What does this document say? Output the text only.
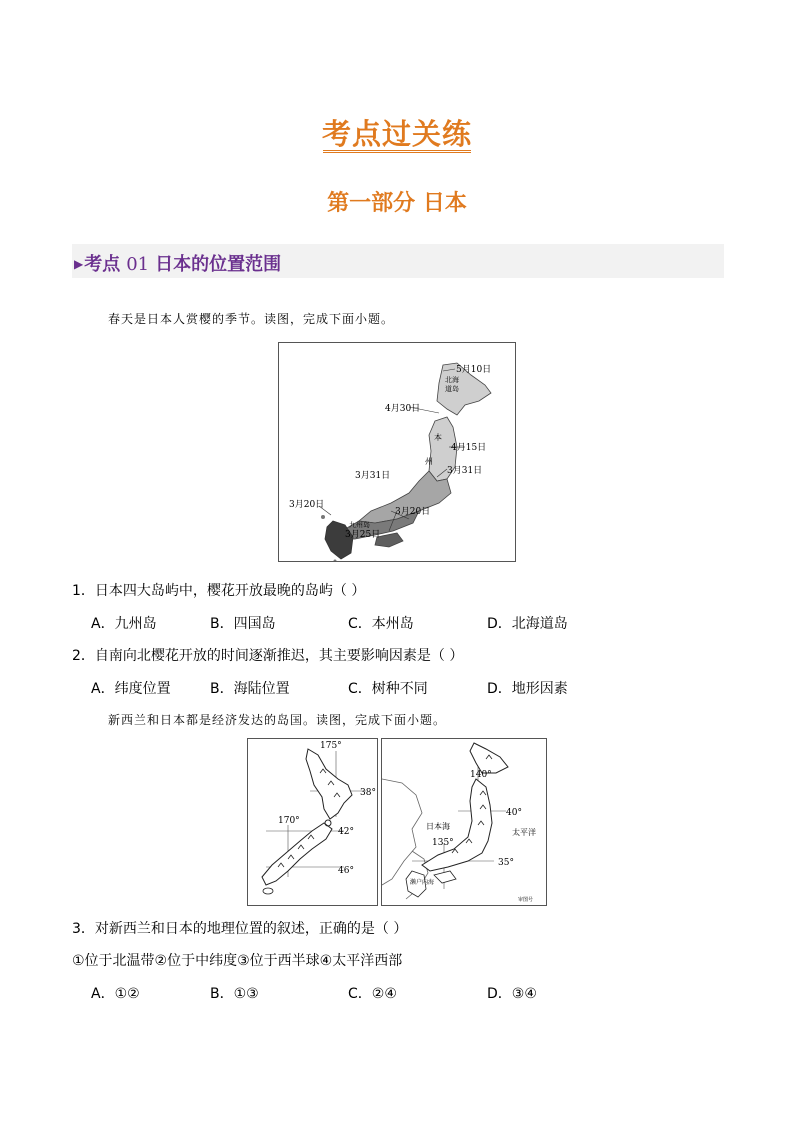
考点过关练
第一部分 日本
▶考点 01 日本的位置范围
春天是日本人赏樱的季节。读图，完成下面小题。
5月10日
北海
道岛
4月30日
本
4月15日
州
3月31日	3月31日
3月20日
3月20日
九州岛
3月25日
1．日本四大岛屿中，樱花开放最晚的岛屿（ ）
A．九州岛	B．四国岛	C．本州岛	D．北海道岛
2．自南向北樱花开放的时间逐渐推迟，其主要影响因素是（ ）
A．纬度位置	B．海陆位置	C．树种不同	D．地形因素
新西兰和日本都是经济发达的岛国。读图，完成下面小题。
175°
38°
170°
42°
46°
140°
40°
日本海
太平洋
135°
35°
濑户内海
审图号
3．对新西兰和日本的地理位置的叙述，正确的是（ ）
①位于北温带②位于中纬度③位于西半球④太平洋西部
A．①②	B．①③	C．②④	D．③④
